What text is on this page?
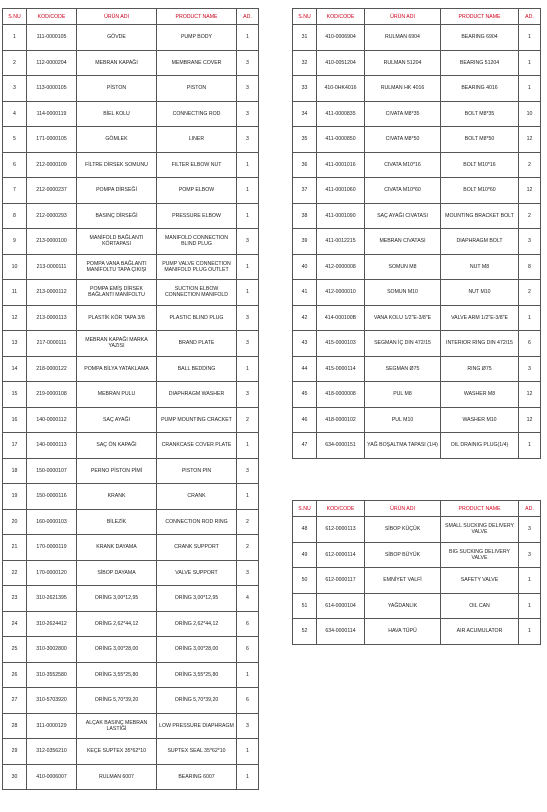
S.NU	KOD/CODE	ÜRÜN ADI	PRODUCT NAME	AD.
1	111-0000105	GÖVDE	PUMP BODY	1
2	112-0000204	MEBRAN KAPAĞI	MEMBRANE COVER	3
3	113-0000105	PİSTON	PISTON	3
4	114-0000119	BİEL KOLU	CONNECTING ROD	3
5	171-0000105	GÖMLEK	LINER	3
6	212-0000109	FİLTRE DİRSEK SOMUNU	FILTER ELBOW NUT	1
7	212-0000237	POMPA DİRSEĞİ	POMP ELBOW	1
8	212-0000293	BASINÇ DİRSEĞİ	PRESSURE ELBOW	1
9	213-0000100	MANİFOLD BAĞLANTI KÖRTAPASI	MANIFOLD CONNECTION BLIND PLUG	3
10	213-0000111	POMPA VANA BAĞLANTI MANİFOLTU TAPA ÇIKIŞI	PUMP VALVE CONNECTION MANIFOLD PLUG OUTLET	1
11	213-0000112	POMPA EMİŞ DİRSEK BAĞLANTI MANİFOLTU	SUCTION ELBOW CONNECTION MANIFOLD	1
12	213-0000113	PLASTİK KÖR TAPA 3/8	PLASTIC BLIND PLUG	3
13	217-0000111	MEBRAN KAPAĞI MARKA YAZISI	BRAND PLATE	3
14	218-0000122	POMPA BİLYA YATAKLAMA	BALL BEDDING	1
15	219-0000108	MEBRAN PULU	DIAPHRAGM WASHER	3
16	140-0000112	SAÇ AYAĞI	PUMP MOUNTING CRACKET	2
17	140-0000113	SAÇ ÖN KAPAĞI	CRANKCASE COVER PLATE	1
18	150-0000107	PERNO PİSTON PİMİ	PISTON PIN	3
19	150-0000116	KRANK	CRANK	1
20	160-0000103	BİLEZİK	CONNECTION ROD RING	2
21	170-0000119	KRANK DAYAMA	CRANK SUPPORT	2
22	170-0000120	SİBOP DAYAMA	VALVE SUPPORT	3
23	310-2621395	ORİNG 3,00*12,95	ORİNG 3,00*12,95	4
24	310-2624412	ORİNG 2,62*44,12	ORİNG 2,62*44,12	6
25	310-3002800	ORİNG 3,00*28,00	ORİNG 3,00*28,00	6
26	310-3552580	ORİNG 3,55*25,80	ORİNG 3,55*25,80	1
27	310-5703920	ORİNG 5,70*39,20	ORİNG 5,70*39,20	6
28	311-0000129	ALÇAK BASINÇ MEBRAN LASTİĞİ	LOW PRESSURE DIAPHRAGM	3
29	312-0356210	KEÇE SUPTEX 35*62*10	SUPTEX SEAL 35*62*10	1
30	410-0006007	RULMAN 6007	BEARING 6007	1
S.NU	KOD/CODE	ÜRÜN ADI	PRODUCT NAME	AD.
31	410-0006904	RULMAN 6904	BEARING 6904	1
32	410-0051204	RULMAN 51204	BEARING 51204	1
33	410-0HK4016	RULMAN HK 4016	BEARING 4016	1
34	411-0000835	CIVATA M8*35	BOLT M8*35	10
35	411-0000850	CIVATA M8*50	BOLT M8*50	12
36	411-0001016	CIVATA M10*16	BOLT M10*16	2
37	411-0001060	CIVATA M10*60	BOLT M10*60	12
38	411-0001090	SAÇ AYAĞI CIVATASI	MOUNTING BRACKET BOLT	2
39	411-0012215	MEBRAN CIVATASI	DIAPHRAGM BOLT	3
40	412-0000008	SOMUN M8	NUT M8	8
41	412-0000010	SOMUN M10	NUT M10	2
42	414-000100B	VANA KOLU 1/2"E-3/8"E	VALVE ARM 1/2"E-3/8"E	1
43	415-0000103	SEGMAN İÇ DIN 472/15	INTERIOR RING DIN 472/15	6
44	415-0000114	SEGMAN Ø75	RING Ø75	3
45	418-0000008	PUL M8	WASHER M8	12
46	418-0000102	PUL M10	WASHER M10	12
47	634-0000151	YAĞ BOŞALTMA TAPASI (1/4)	OIL DRAINIG PLUG(1/4)	1
S.NU	KOD/CODE	ÜRÜN ADI	PRODUCT NAME	AD.
48	612-0000113	SİBOP KÜÇÜK	SMALL SUCKING DELIVERY VALVE	3
49	612-0000114	SİBOP BÜYÜK	BIG SUCKING DELIVERY VALVE	3
50	612-0000117	EMNİYET VALFİ	SAFETY VALVE	1
51	614-0000104	YAĞDANLIK	OIL CAN	1
52	634-0000114	HAVA TÜPÜ	AIR ACUMULATOR	1
